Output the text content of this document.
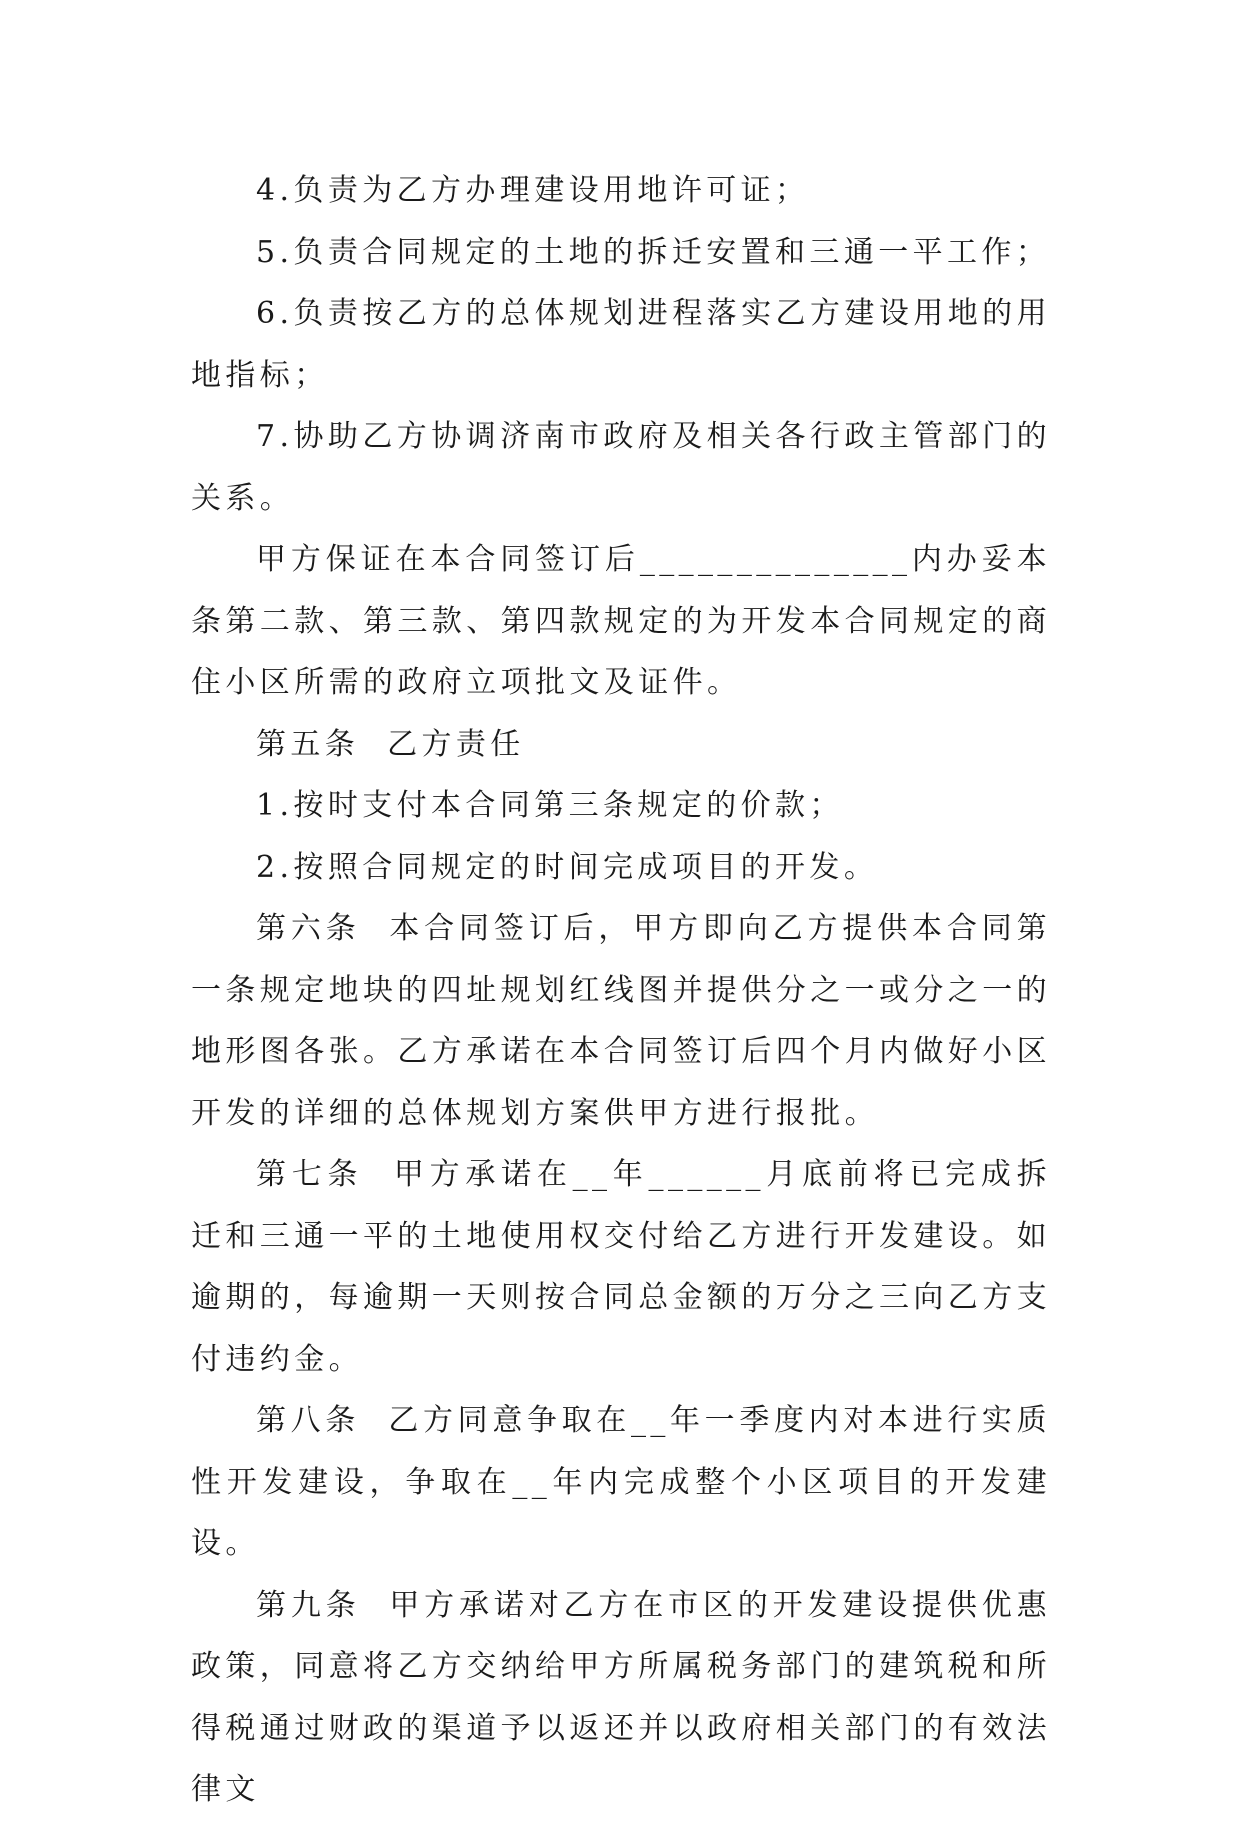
4.负责为乙方办理建设用地许可证；

5.负责合同规定的土地的拆迁安置和三通一平工作；

6.负责按乙方的总体规划进程落实乙方建设用地的用地指标；

7.协助乙方协调济南市政府及相关各行政主管部门的关系。

甲方保证在本合同签订后______________内办妥本条第二款、第三款、第四款规定的为开发本合同规定的商住小区所需的政府立项批文及证件。

第五条  乙方责任

1.按时支付本合同第三条规定的价款；

2.按照合同规定的时间完成项目的开发。

第六条  本合同签订后，甲方即向乙方提供本合同第一条规定地块的四址规划红线图并提供分之一或分之一的地形图各张。乙方承诺在本合同签订后四个月内做好小区开发的详细的总体规划方案供甲方进行报批。

第七条  甲方承诺在__年______月底前将已完成拆迁和三通一平的土地使用权交付给乙方进行开发建设。如逾期的，每逾期一天则按合同总金额的万分之三向乙方支付违约金。

第八条  乙方同意争取在__年一季度内对本进行实质性开发建设，争取在__年内完成整个小区项目的开发建设。

第九条  甲方承诺对乙方在市区的开发建设提供优惠政策，同意将乙方交纳给甲方所属税务部门的建筑税和所得税通过财政的渠道予以返还并以政府相关部门的有效法律文
